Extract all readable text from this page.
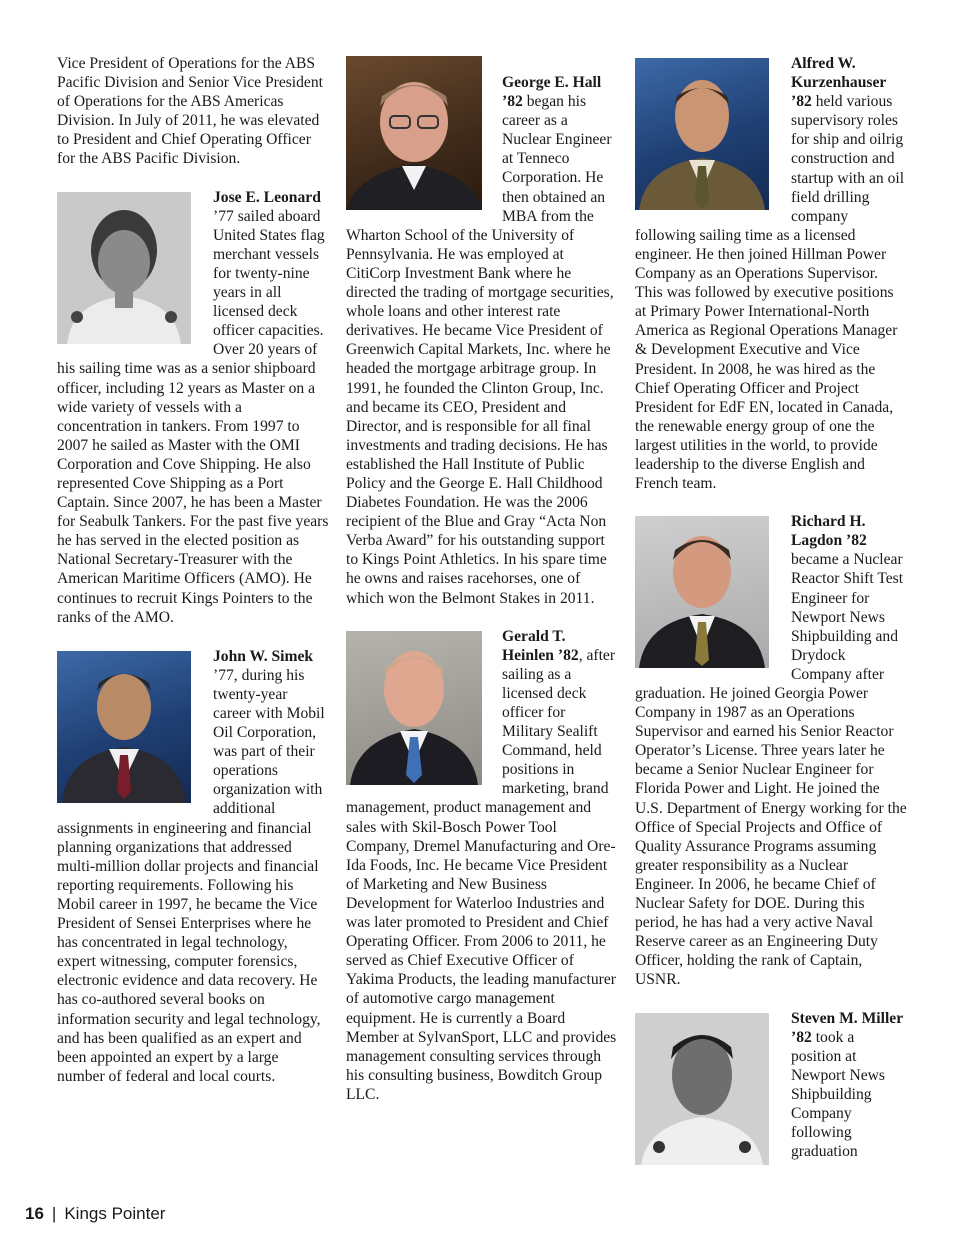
Vice President of Operations for the ABS Pacific Division and Senior Vice President of Operations for the ABS Americas Division. In July of 2011, he was elevated to President and Chief Operating Officer for the ABS Pacific Division.

Jose E. Leonard ’77 sailed aboard United States flag merchant vessels for twenty-nine years in all licensed deck officer capacities. Over 20 years of his sailing time was as a senior shipboard officer, including 12 years as Master on a wide variety of vessels with a concentration in tankers. From 1997 to 2007 he sailed as Master with the OMI Corporation and Cove Shipping. He also represented Cove Shipping as a Port Captain. Since 2007, he has been a Master for Seabulk Tankers. For the past five years he has served in the elected position as National Secretary-Treasurer with the American Maritime Officers (AMO). He continues to recruit Kings Pointers to the ranks of the AMO.

John W. Simek ’77, during his twenty-year career with Mobil Oil Corporation, was part of their operations organization with additional assignments in engineering and financial planning organizations that addressed multi-million dollar projects and financial reporting requirements. Following his Mobil career in 1997, he became the Vice President of Sensei Enterprises where he has concentrated in legal technology, expert witnessing, computer forensics, electronic evidence and data recovery. He has co-authored several books on information security and legal technology, and has been qualified as an expert and been appointed an expert by a large number of federal and local courts.

George E. Hall ’82 began his career as a Nuclear Engineer at Tenneco Corporation. He then obtained an MBA from the Wharton School of the University of Pennsylvania. He was employed at CitiCorp Investment Bank where he directed the trading of mortgage securities, whole loans and other interest rate derivatives. He became Vice President of Greenwich Capital Markets, Inc. where he headed the mortgage arbitrage group. In 1991, he founded the Clinton Group, Inc. and became its CEO, President and Director, and is responsible for all final investments and trading decisions. He has established the Hall Institute of Public Policy and the George E. Hall Childhood Diabetes Foundation. He was the 2006 recipient of the Blue and Gray “Acta Non Verba Award” for his outstanding support to Kings Point Athletics. In his spare time he owns and raises racehorses, one of which won the Belmont Stakes in 2011.

Gerald T. Heinlen ’82, after sailing as a licensed deck officer for Military Sealift Command, held positions in marketing, brand management, product management and sales with Skil-Bosch Power Tool Company, Dremel Manufacturing and Ore-Ida Foods, Inc. He became Vice President of Marketing and New Business Development for Waterloo Industries and was later promoted to President and Chief Operating Officer. From 2006 to 2011, he served as Chief Executive Officer of Yakima Products, the leading manufacturer of automotive cargo management equipment. He is currently a Board Member at SylvanSport, LLC and provides management consulting services through his consulting business, Bowditch Group LLC.

Alfred W. Kurzenhauser ’82 held various supervisory roles for ship and oilrig construction and startup with an oil field drilling company following sailing time as a licensed engineer. He then joined Hillman Power Company as an Operations Supervisor. This was followed by executive positions at Primary Power International-North America as Regional Operations Manager & Development Executive and Vice President. In 2008, he was hired as the Chief Operating Officer and Project President for EdF EN, located in Canada, the renewable energy group of one the largest utilities in the world, to provide leadership to the diverse English and French team.

Richard H. Lagdon ’82 became a Nuclear Reactor Shift Test Engineer for Newport News Shipbuilding and Drydock Company after graduation. He joined Georgia Power Company in 1987 as an Operations Supervisor and earned his Senior Reactor Operator’s License. Three years later he became a Senior Nuclear Engineer for Florida Power and Light. He joined the U.S. Department of Energy working for the Office of Special Projects and Office of Quality Assurance Programs assuming greater responsibility as a Nuclear Engineer. In 2006, he became Chief of Nuclear Safety for DOE. During this period, he has had a very active Naval Reserve career as an Engineering Duty Officer, holding the rank of Captain, USNR.

Steven M. Miller ’82 took a position at Newport News Shipbuilding Company following graduation

16 | Kings Pointer
